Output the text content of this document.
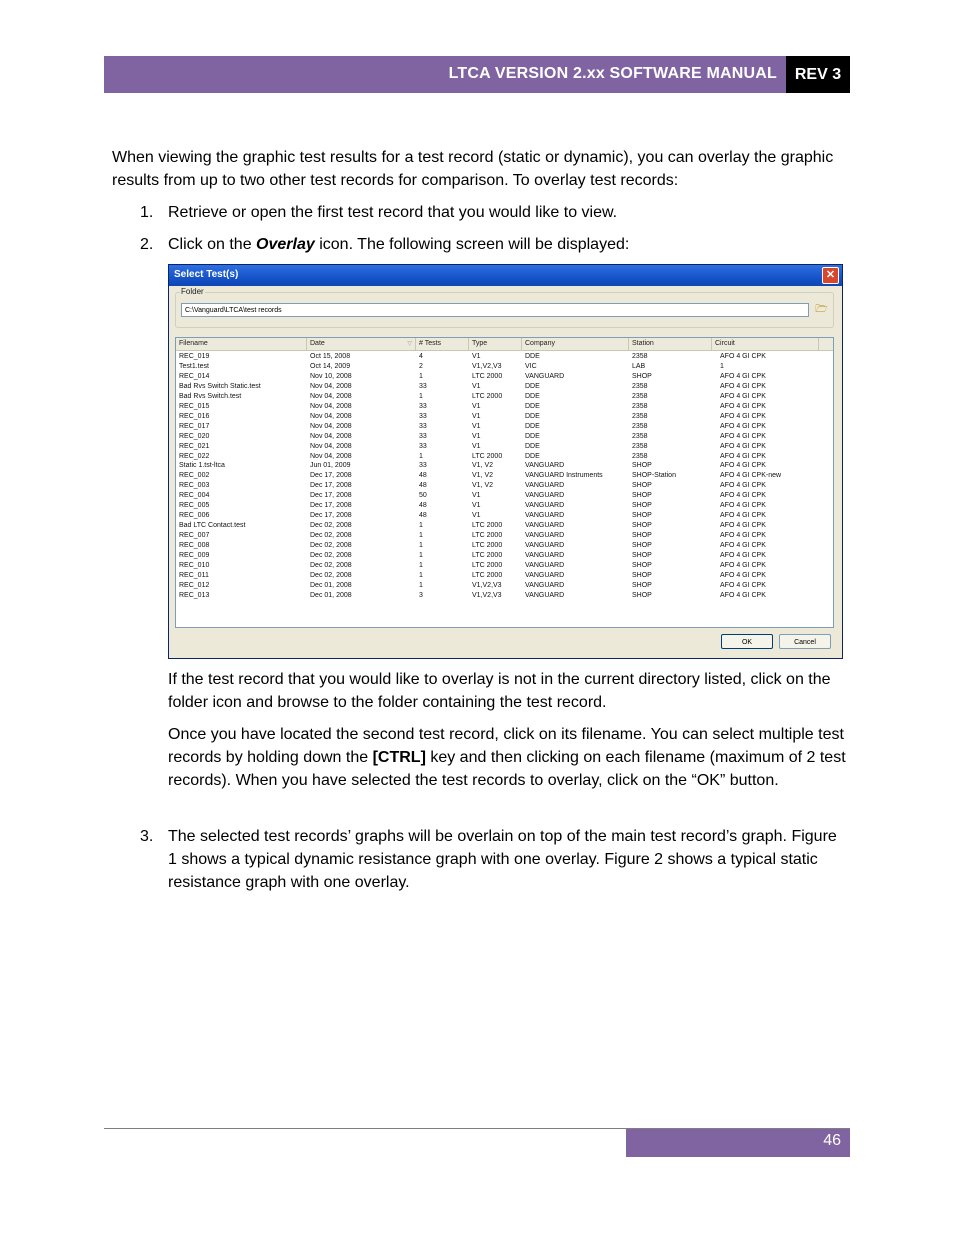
LTCA VERSION 2.xx SOFTWARE MANUAL	REV 3
When viewing the graphic test results for a test record (static or dynamic), you can overlay the graphic results from up to two other test records for comparison. To overlay test records:
1. Retrieve or open the first test record that you would like to view.
2. Click on the Overlay icon. The following screen will be displayed:
Select Test(s)	✕
Folder
C:\Vanguard\LTCA\test records	🗁
Filename	Date	▽	# Tests	Type	Company	Station	Circuit
REC_019	Oct 15, 2008	4	V1	DDE	2358	AFO 4 GI CPK
Test1.test	Oct 14, 2009	2	V1,V2,V3	VIC	LAB	1
REC_014	Nov 10, 2008	1	LTC 2000	VANGUARD	SHOP	AFO 4 GI CPK
Bad Rvs Switch Static.test	Nov 04, 2008	33	V1	DDE	2358	AFO 4 GI CPK
Bad Rvs Switch.test	Nov 04, 2008	1	LTC 2000	DDE	2358	AFO 4 GI CPK
REC_015	Nov 04, 2008	33	V1	DDE	2358	AFO 4 GI CPK
REC_016	Nov 04, 2008	33	V1	DDE	2358	AFO 4 GI CPK
REC_017	Nov 04, 2008	33	V1	DDE	2358	AFO 4 GI CPK
REC_020	Nov 04, 2008	33	V1	DDE	2358	AFO 4 GI CPK
REC_021	Nov 04, 2008	33	V1	DDE	2358	AFO 4 GI CPK
REC_022	Nov 04, 2008	1	LTC 2000	DDE	2358	AFO 4 GI CPK
Static 1.tst-ltca	Jun 01, 2009	33	V1, V2	VANGUARD	SHOP	AFO 4 GI CPK
REC_002	Dec 17, 2008	48	V1, V2	VANGUARD Instruments	SHOP-Station	AFO 4 GI CPK-new
REC_003	Dec 17, 2008	48	V1, V2	VANGUARD	SHOP	AFO 4 GI CPK
REC_004	Dec 17, 2008	50	V1	VANGUARD	SHOP	AFO 4 GI CPK
REC_005	Dec 17, 2008	48	V1	VANGUARD	SHOP	AFO 4 GI CPK
REC_006	Dec 17, 2008	48	V1	VANGUARD	SHOP	AFO 4 GI CPK
Bad LTC Contact.test	Dec 02, 2008	1	LTC 2000	VANGUARD	SHOP	AFO 4 GI CPK
REC_007	Dec 02, 2008	1	LTC 2000	VANGUARD	SHOP	AFO 4 GI CPK
REC_008	Dec 02, 2008	1	LTC 2000	VANGUARD	SHOP	AFO 4 GI CPK
REC_009	Dec 02, 2008	1	LTC 2000	VANGUARD	SHOP	AFO 4 GI CPK
REC_010	Dec 02, 2008	1	LTC 2000	VANGUARD	SHOP	AFO 4 GI CPK
REC_011	Dec 02, 2008	1	LTC 2000	VANGUARD	SHOP	AFO 4 GI CPK
REC_012	Dec 01, 2008	1	V1,V2,V3	VANGUARD	SHOP	AFO 4 GI CPK
REC_013	Dec 01, 2008	3	V1,V2,V3	VANGUARD	SHOP	AFO 4 GI CPK
OK	Cancel
If the test record that you would like to overlay is not in the current directory listed, click on the folder icon and browse to the folder containing the test record.
Once you have located the second test record, click on its filename. You can select multiple test records by holding down the [CTRL] key and then clicking on each filename (maximum of 2 test records). When you have selected the test records to overlay, click on the “OK” button.
3. The selected test records’ graphs will be overlain on top of the main test record’s graph. Figure 1 shows a typical dynamic resistance graph with one overlay. Figure 2 shows a typical static resistance graph with one overlay.
46
